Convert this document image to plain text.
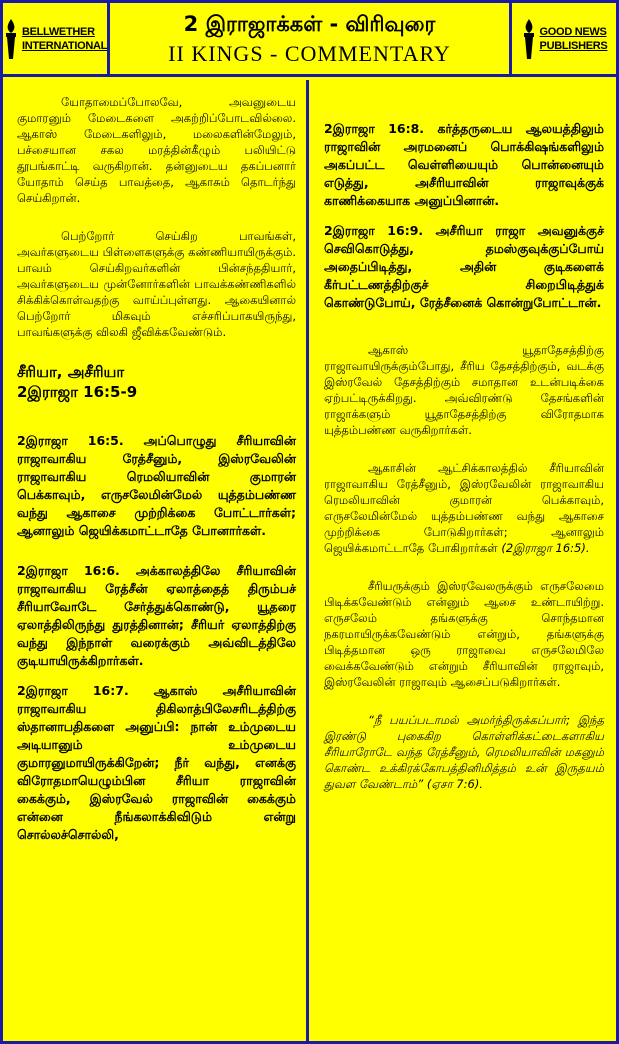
BELLWETHER
INTERNATIONAL
2 இராஜாக்கள் - விரிவுரை
II KINGS - COMMENTARY
GOOD NEWS
PUBLISHERS

யோதாமைப்போலவே, அவனுடைய குமாரனும் மேடைகளை அகற்றிப்போடவில்லை. ஆகாஸ் மேடைகளிலும், மலைகளின்மேலும், பச்சையான சகல மரத்தின்கீழும் பலியிட்டு தூபங்காட்டி வருகிறான். தன்னுடைய தகப்பனார் யோதாம் செய்த பாவத்தை, ஆகாசும் தொடர்ந்து செய்கிறான்.

பெற்றோர் செய்கிற பாவங்கள், அவர்களுடைய பிள்ளைகளுக்கு கண்ணியாயிருக்கும். பாவம் செய்கிறவர்களின் பின்சந்ததியார், அவர்களுடைய முன்னோர்களின் பாவக்கண்ணிகளில் சிக்கிக்கொள்வதற்கு வாய்ப்புள்ளது. ஆகையினால் பெற்றோர் மிகவும் எச்சரிப்பாகயிருந்து, பாவங்களுக்கு விலகி ஜீவிக்கவேண்டும்.

சீரியா, அசீரியா
2இராஜா 16:5-9

2இராஜா 16:5. அப்பொழுது சீரியாவின் ராஜாவாகிய ரேத்சீனும், இஸ்ரவேலின் ராஜாவாகிய ரெமலியாவின் குமாரன் பெக்காவும், எருசலேமின்மேல் யுத்தம்பண்ண வந்து ஆகாசை முற்றிக்கை போட்டார்கள்; ஆனாலும் ஜெயிக்கமாட்டாதே போனார்கள்.

2இராஜா 16:6. அக்காலத்திலே சீரியாவின் ராஜாவாகிய ரேத்சீன் ஏலாத்தைத் திரும்பச் சீரியாவோடே சேர்த்துக்கொண்டு, யூதரை ஏலாத்திலிருந்து துரத்தினான்; சீரியர் ஏலாத்திற்கு வந்து இந்நாள் வரைக்கும் அவ்விடத்திலே குடியாயிருக்கிறார்கள்.

2இராஜா 16:7. ஆகாஸ் அசீரியாவின் ராஜாவாகிய திகிலாத்பிலேசரிடத்திற்கு ஸ்தானாபதிகளை அனுப்பி: நான் உம்முடைய அடியானும் உம்முடைய குமாரனுமாயிருக்கிறேன்; நீர் வந்து, எனக்கு விரோதமாயெழும்பின சீரியா ராஜாவின் கைக்கும், இஸ்ரவேல் ராஜாவின் கைக்கும் என்னை நீங்கலாக்கிவிடும் என்று சொல்லச்சொல்லி,

2இராஜா 16:8. கர்த்தருடைய ஆலயத்திலும் ராஜாவின் அரமனைப் பொக்கிஷங்களிலும் அகப்பட்ட வெள்ளியையும் பொன்னையும் எடுத்து, அசீரியாவின் ராஜாவுக்குக் காணிக்கையாக அனுப்பினான்.

2இராஜா 16:9. அசீரியா ராஜா அவனுக்குச் செவிகொடுத்து, தமஸ்குவுக்குப்போய் அதைப்பிடித்து, அதின் குடிகளைக் கீர்பட்டணத்திற்குச் சிறைபிடித்துக் கொண்டுபோய், ரேத்சீனைக் கொன்றுபோட்டான்.

ஆகாஸ் யூதாதேசத்திற்கு ராஜாவாயிருக்கும்போது, சீரிய தேசத்திற்கும், வடக்கு இஸ்ரவேல் தேசத்திற்கும் சமாதான உடன்படிக்கை ஏற்பட்டிருக்கிறது. அவ்விரண்டு தேசங்களின் ராஜாக்களும் யூதாதேசத்திற்கு விரோதமாக யுத்தம்பண்ண வருகிறார்கள்.

ஆகாசின் ஆட்சிக்காலத்தில் சீரியாவின் ராஜாவாகிய ரேத்சீனும், இஸ்ரவேலின் ராஜாவாகிய ரெமலியாவின் குமாரன் பெக்காவும், எருசலேமின்மேல் யுத்தம்பண்ண வந்து ஆகாசை முற்றிக்கை போடுகிறார்கள்; ஆனாலும் ஜெயிக்கமாட்டாதே போகிறார்கள் (2இராஜா 16:5).

சீரியருக்கும் இஸ்ரவேலருக்கும் எருசலேமை பிடிக்கவேண்டும் என்னும் ஆசை உண்டாயிற்று. எருசலேம் தங்களுக்கு சொந்தமான நகரமாயிருக்கவேண்டும் என்றும், தங்களுக்கு பிடித்தமான ஒரு ராஜாவை எருசலேமிலே வைக்கவேண்டும் என்றும் சீரியாவின் ராஜாவும், இஸ்ரவேலின் ராஜாவும் ஆசைப்படுகிறார்கள்.

“நீ பயப்படாமல் அமர்ந்திருக்கப்பார்; இந்த இரண்டு புகைகிற கொள்ளிக்கட்டைகளாகிய சீரியாரோடே வந்த ரேத்சீனும், ரெமலியாவின் மகனும் கொண்ட உக்கிரக்கோபத்தினிமித்தம் உன் இருதயம் துவள வேண்டாம்” (ஏசா 7:6).
